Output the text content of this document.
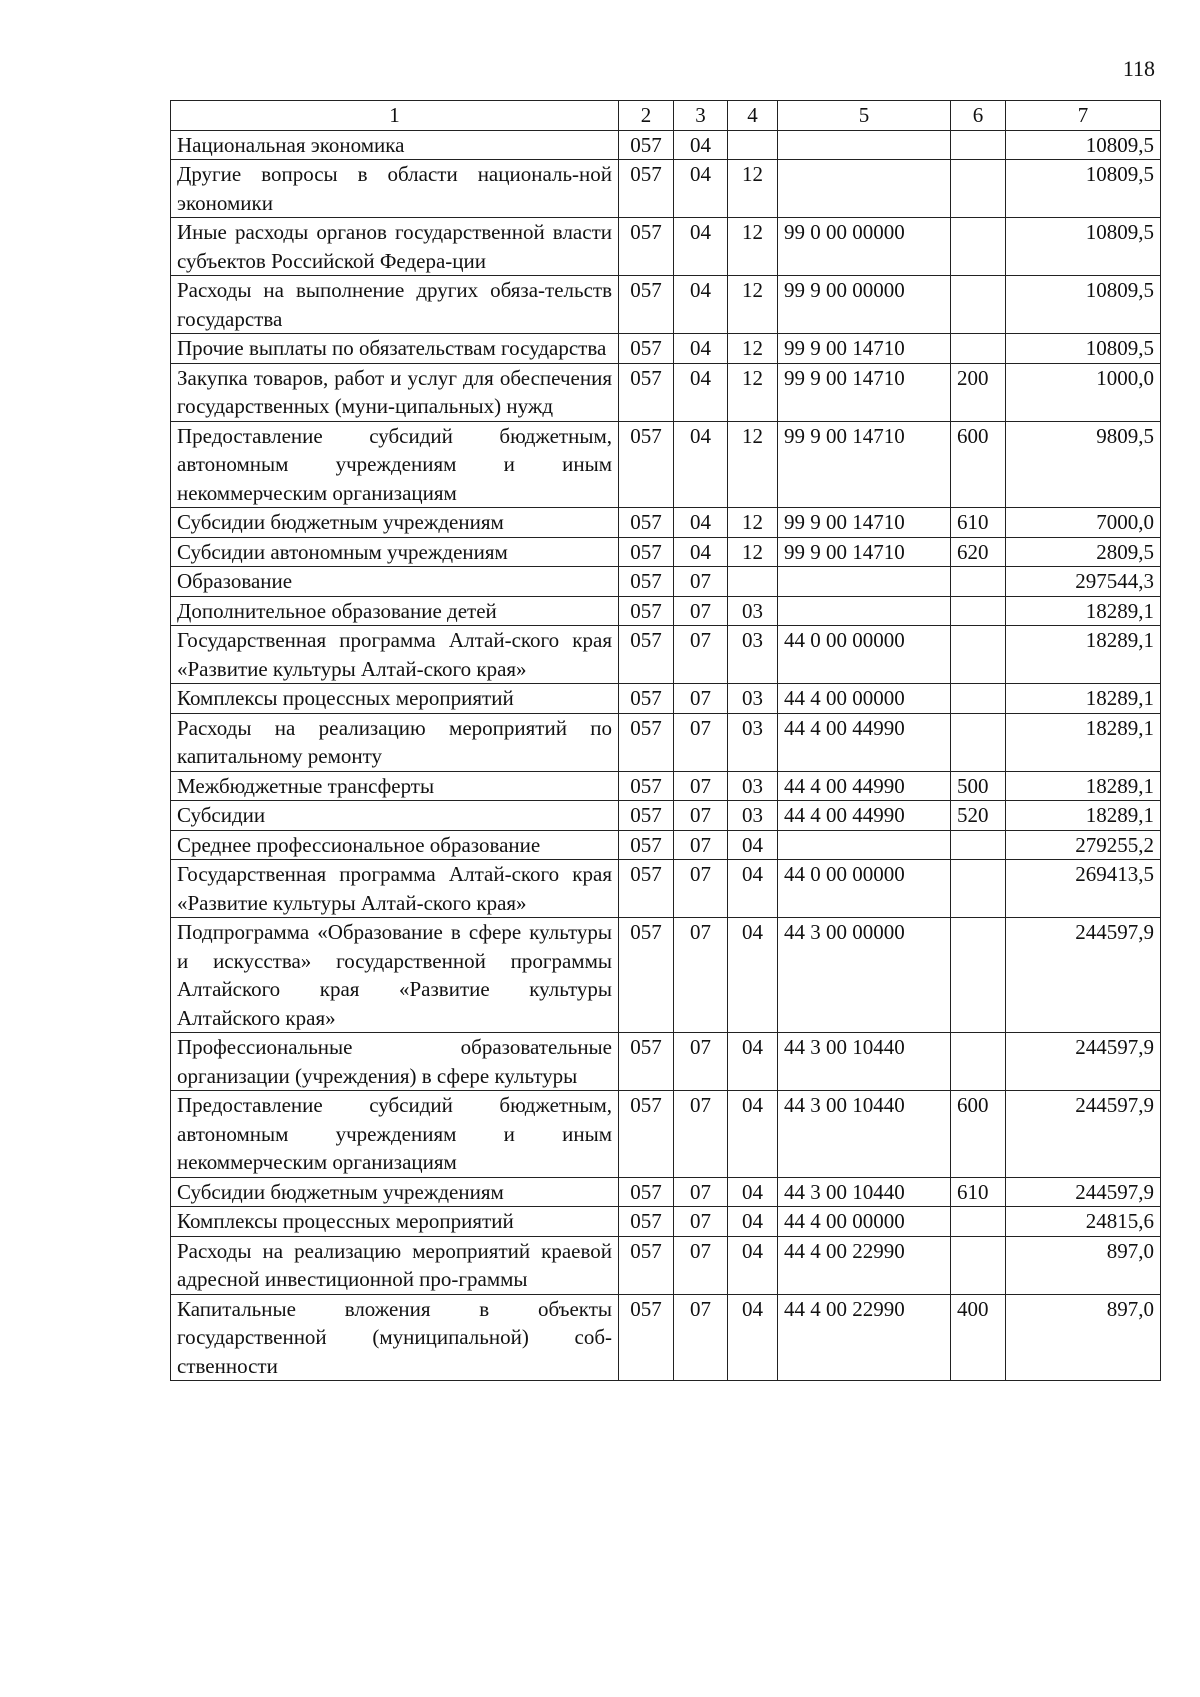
118
1	2	3	4	5	6	7
Национальная экономика	057	04				10809,5
Другие вопросы в области националь-ной экономики	057	04	12			10809,5
Иные расходы органов государственной власти субъектов Российской Федера-ции	057	04	12	99 0 00 00000		10809,5
Расходы на выполнение других обяза-тельств государства	057	04	12	99 9 00 00000		10809,5
Прочие выплаты по обязательствам государства	057	04	12	99 9 00 14710		10809,5
Закупка товаров, работ и услуг для обеспечения государственных (муни-ципальных) нужд	057	04	12	99 9 00 14710	200	1000,0
Предоставление субсидий бюджетным, автономным учреждениям и иным некоммерческим организациям	057	04	12	99 9 00 14710	600	9809,5
Субсидии бюджетным учреждениям	057	04	12	99 9 00 14710	610	7000,0
Субсидии автономным учреждениям	057	04	12	99 9 00 14710	620	2809,5
Образование	057	07				297544,3
Дополнительное образование детей	057	07	03			18289,1
Государственная программа Алтай-ского края «Развитие культуры Алтай-ского края»	057	07	03	44 0 00 00000		18289,1
Комплексы процессных мероприятий	057	07	03	44 4 00 00000		18289,1
Расходы на реализацию мероприятий по капитальному ремонту	057	07	03	44 4 00 44990		18289,1
Межбюджетные трансферты	057	07	03	44 4 00 44990	500	18289,1
Субсидии	057	07	03	44 4 00 44990	520	18289,1
Среднее профессиональное образование	057	07	04			279255,2
Государственная программа Алтай-ского края «Развитие культуры Алтай-ского края»	057	07	04	44 0 00 00000		269413,5
Подпрограмма «Образование в сфере культуры и искусства» государственной программы Алтайского края «Развитие культуры Алтайского края»	057	07	04	44 3 00 00000		244597,9
Профессиональные образовательные организации (учреждения) в сфере культуры	057	07	04	44 3 00 10440		244597,9
Предоставление субсидий бюджетным, автономным учреждениям и иным некоммерческим организациям	057	07	04	44 3 00 10440	600	244597,9
Субсидии бюджетным учреждениям	057	07	04	44 3 00 10440	610	244597,9
Комплексы процессных мероприятий	057	07	04	44 4 00 00000		24815,6
Расходы на реализацию мероприятий краевой адресной инвестиционной про-граммы	057	07	04	44 4 00 22990		897,0
Капитальные вложения в объекты государственной (муниципальной) соб-ственности	057	07	04	44 4 00 22990	400	897,0
